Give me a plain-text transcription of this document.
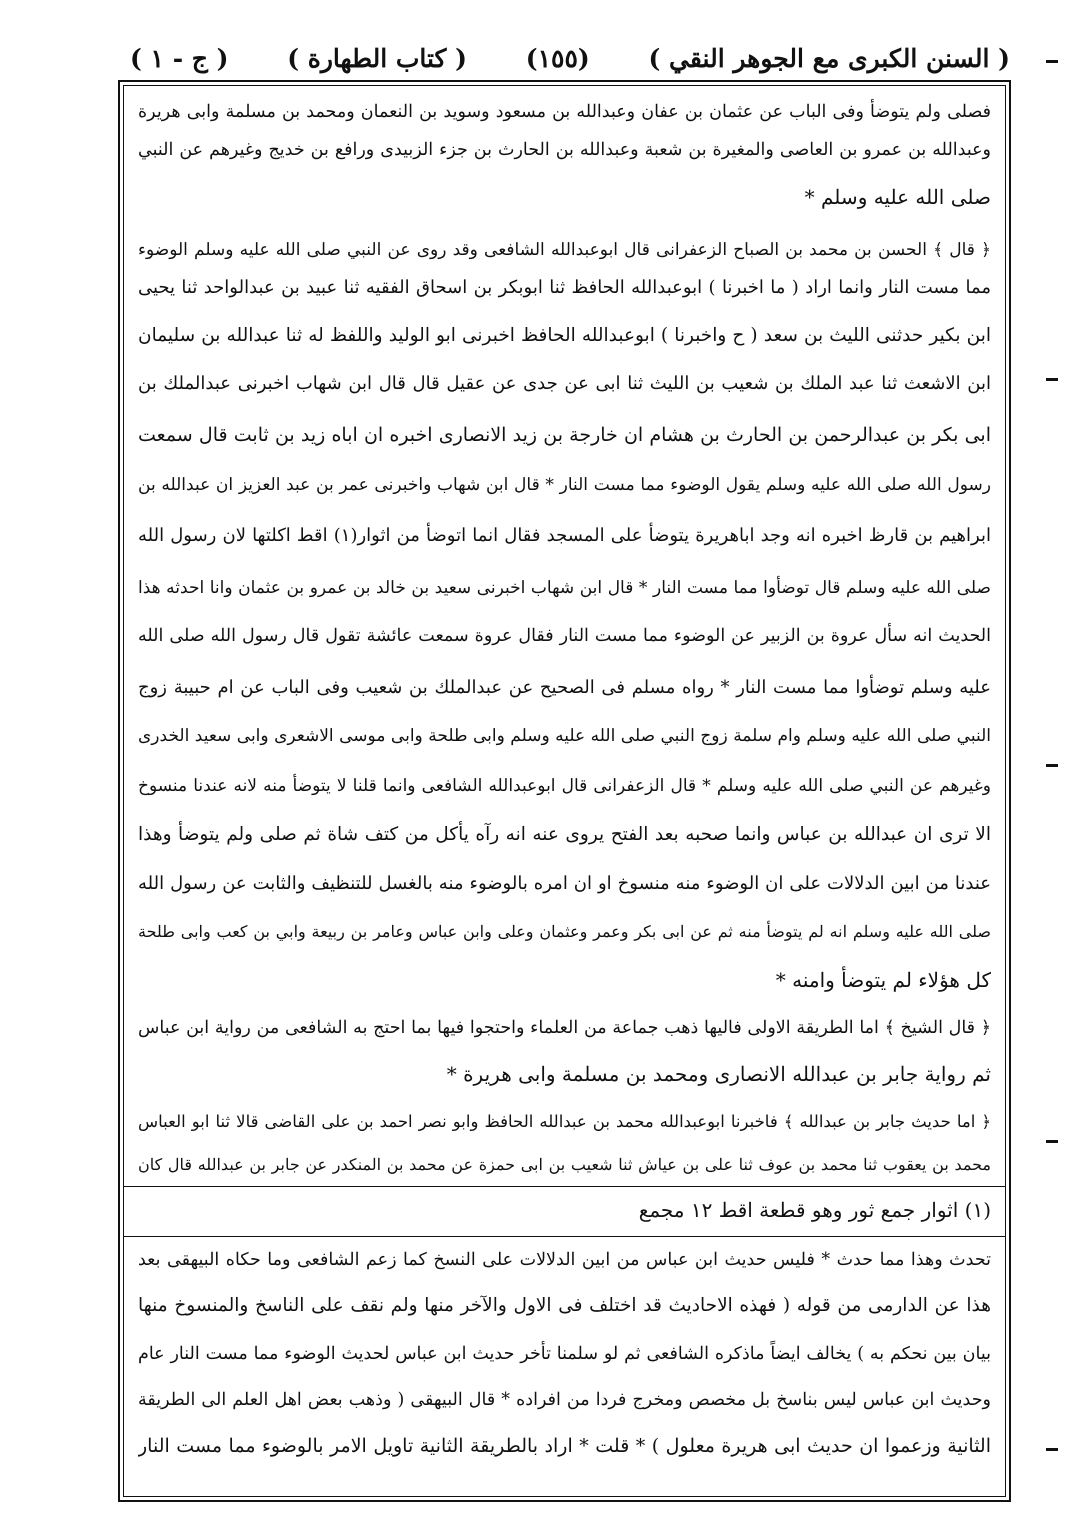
( السنن الكبرى مع الجوهر النقي )
(١٥٥)
( كتاب الطهارة )
( ج - ١ )
فصلى ولم يتوضأ وفى الباب عن عثمان بن عفان وعبدالله بن مسعود وسويد بن النعمان ومحمد بن مسلمة وابى هريرة
وعبدالله بن عمرو بن العاصى والمغيرة بن شعبة وعبدالله بن الحارث بن جزء الزبيدى ورافع بن خديج وغيرهم عن النبي
صلى الله عليه وسلم *
﴿ قال ﴾ الحسن بن محمد بن الصباح الزعفرانى قال ابوعبدالله الشافعى وقد روى عن النبي صلى الله عليه وسلم الوضوء
مما مست النار وانما اراد ( ما اخبرنا ) ابوعبدالله الحافظ ثنا ابوبكر بن اسحاق الفقيه ثنا عبيد بن عبدالواحد ثنا يحيى
ابن بكير حدثنى الليث بن سعد ( ح واخبرنا ) ابوعبدالله الحافظ اخبرنى ابو الوليد واللفظ له ثنا عبدالله بن سليمان
ابن الاشعث ثنا عبد الملك بن شعيب بن الليث ثنا ابى عن جدى عن عقيل قال قال ابن شهاب اخبرنى عبدالملك بن
ابى بكر بن عبدالرحمن بن الحارث بن هشام ان خارجة بن زيد الانصارى اخبره ان اباه زيد بن ثابت قال سمعت
رسول الله صلى الله عليه وسلم يقول الوضوء مما مست النار * قال ابن شهاب واخبرنى عمر بن عبد العزيز ان عبدالله بن
ابراهيم بن قارظ اخبره انه وجد اباهريرة يتوضأ على المسجد فقال انما اتوضأ من اثوار(١) اقط اكلتها لان رسول الله
صلى الله عليه وسلم قال توضأوا مما مست النار * قال ابن شهاب اخبرنى سعيد بن خالد بن عمرو بن عثمان وانا احدثه هذا
الحديث انه سأل عروة بن الزبير عن الوضوء مما مست النار فقال عروة سمعت عائشة تقول قال رسول الله صلى الله
عليه وسلم توضأوا مما مست النار * رواه مسلم فى الصحيح عن عبدالملك بن شعيب وفى الباب عن ام حبيبة زوج
النبي صلى الله عليه وسلم وام سلمة زوج النبي صلى الله عليه وسلم وابى طلحة وابى موسى الاشعرى وابى سعيد الخدرى
وغيرهم عن النبي صلى الله عليه وسلم * قال الزعفرانى قال ابوعبدالله الشافعى وانما قلنا لا يتوضأ منه لانه عندنا منسوخ
الا ترى ان عبدالله بن عباس وانما صحبه بعد الفتح يروى عنه انه رآه يأكل من كتف شاة ثم صلى ولم يتوضأ وهذا
عندنا من ابين الدلالات على ان الوضوء منه منسوخ او ان امره بالوضوء منه بالغسل للتنظيف والثابت عن رسول الله
صلى الله عليه وسلم انه لم يتوضأ منه ثم عن ابى بكر وعمر وعثمان وعلى وابن عباس وعامر بن ربيعة وابي بن كعب وابى طلحة
كل هؤلاء لم يتوضأ وامنه *
﴿ قال الشيخ ﴾ اما الطريقة الاولى فاليها ذهب جماعة من العلماء واحتجوا فيها بما احتج به الشافعى من رواية ابن عباس
ثم رواية جابر بن عبدالله الانصارى ومحمد بن مسلمة وابى هريرة *
﴿ اما حديث جابر بن عبدالله ﴾ فاخبرنا ابوعبدالله محمد بن عبدالله الحافظ وابو نصر احمد بن على القاضى قالا ثنا ابو العباس
محمد بن يعقوب ثنا محمد بن عوف ثنا على بن عياش ثنا شعيب بن ابى حمزة عن محمد بن المنكدر عن جابر بن عبدالله قال كان
(١) اثوار جمع ثور وهو قطعة اقط ١٢ مجمع
تحدث وهذا مما حدث * فليس حديث ابن عباس من ابين الدلالات على النسخ كما زعم الشافعى وما حكاه البيهقى بعد
هذا عن الدارمى من قوله ( فهذه الاحاديث قد اختلف فى الاول والآخر منها ولم نقف على الناسخ والمنسوخ منها
بيان بين نحكم به ) يخالف ايضاً ماذكره الشافعى ثم لو سلمنا تأخر حديث ابن عباس لحديث الوضوء مما مست النار عام
وحديث ابن عباس ليس بناسخ بل مخصص ومخرج فردا من افراده * قال البيهقى ( وذهب بعض اهل العلم الى الطريقة
الثانية وزعموا ان حديث ابى هريرة معلول ) * قلت * اراد بالطريقة الثانية تاويل الامر بالوضوء مما مست النار
